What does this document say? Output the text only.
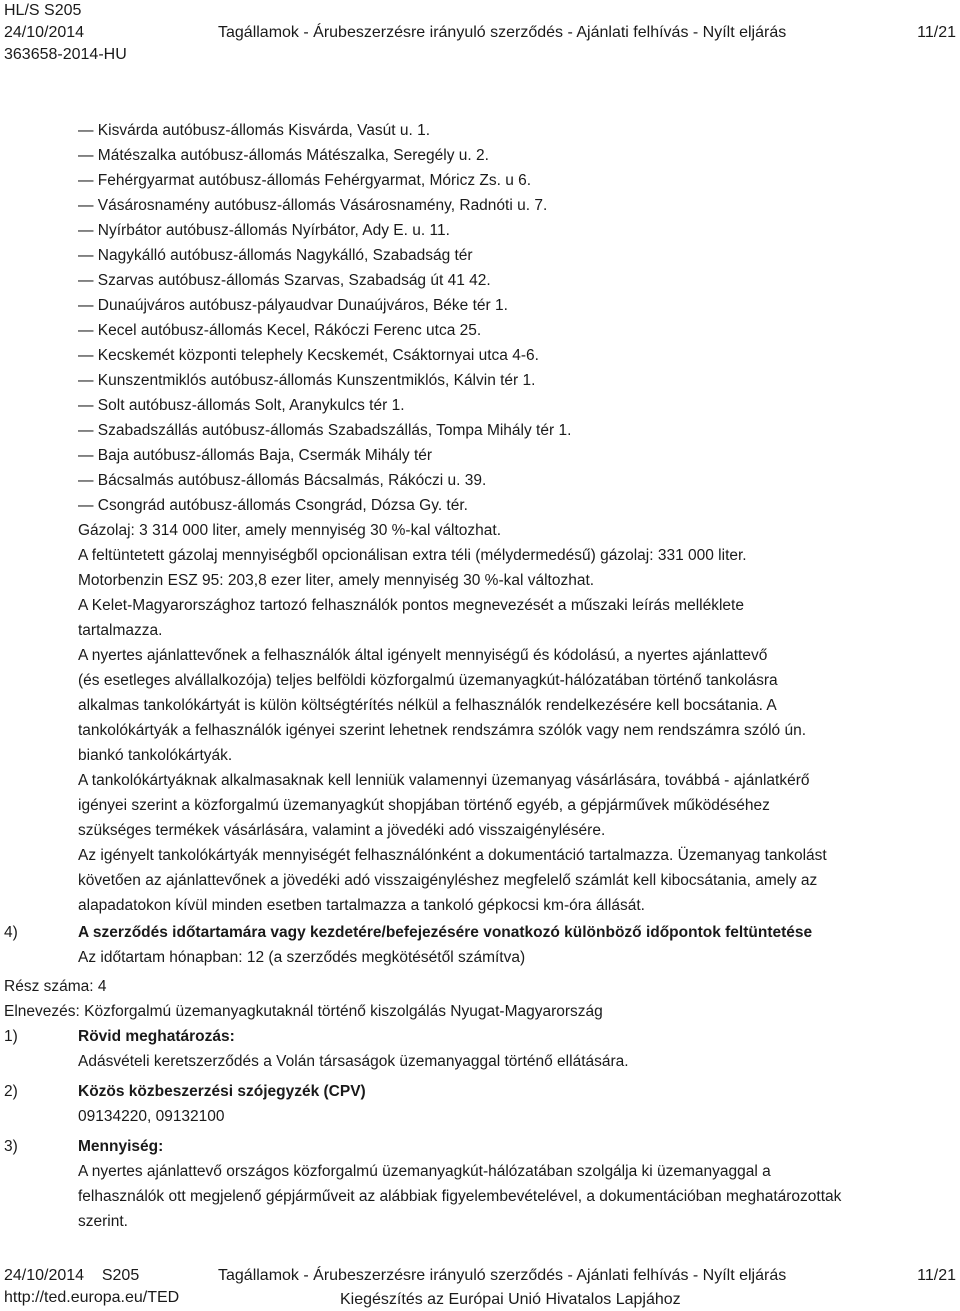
HL/S S205
24/10/2014
363658-2014-HU
Tagállamok - Árubeszerzésre irányuló szerződés - Ajánlati felhívás - Nyílt eljárás	11/21
— Kisvárda autóbusz-állomás Kisvárda, Vasút u. 1.
— Mátészalka autóbusz-állomás Mátészalka, Seregély u. 2.
— Fehérgyarmat autóbusz-állomás Fehérgyarmat, Móricz Zs. u 6.
— Vásárosnamény autóbusz-állomás Vásárosnamény, Radnóti u. 7.
— Nyírbátor autóbusz-állomás Nyírbátor, Ady E. u. 11.
— Nagykálló autóbusz-állomás Nagykálló, Szabadság tér
— Szarvas autóbusz-állomás Szarvas, Szabadság út 41 42.
— Dunaújváros autóbusz-pályaudvar Dunaújváros, Béke tér 1.
— Kecel autóbusz-állomás Kecel, Rákóczi Ferenc utca 25.
— Kecskemét központi telephely Kecskemét, Csáktornyai utca 4-6.
— Kunszentmiklós autóbusz-állomás Kunszentmiklós, Kálvin tér 1.
— Solt autóbusz-állomás Solt, Aranykulcs tér 1.
— Szabadszállás autóbusz-állomás Szabadszállás, Tompa Mihály tér 1.
— Baja autóbusz-állomás Baja, Csermák Mihály tér
— Bácsalmás autóbusz-állomás Bácsalmás, Rákóczi u. 39.
— Csongrád autóbusz-állomás Csongrád, Dózsa Gy. tér.
Gázolaj: 3 314 000 liter, amely mennyiség 30 %-kal változhat.
A feltüntetett gázolaj mennyiségből opcionálisan extra téli (mélydermedésű) gázolaj: 331 000 liter.
Motorbenzin ESZ 95: 203,8 ezer liter, amely mennyiség 30 %-kal változhat.
A Kelet-Magyarországhoz tartozó felhasználók pontos megnevezését a műszaki leírás melléklete
tartalmazza.
A nyertes ajánlattevőnek a felhasználók által igényelt mennyiségű és kódolású, a nyertes ajánlattevő
(és esetleges alvállalkozója) teljes belföldi közforgalmú üzemanyagkút-hálózatában történő tankolásra
alkalmas tankolókártyát is külön költségtérítés nélkül a felhasználók rendelkezésére kell bocsátania. A
tankolókártyák a felhasználók igényei szerint lehetnek rendszámra szólók vagy nem rendszámra szóló ún.
biankó tankolókártyák.
A tankolókártyáknak alkalmasaknak kell lenniük valamennyi üzemanyag vásárlására, továbbá - ajánlatkérő
igényei szerint a közforgalmú üzemanyagkút shopjában történő egyéb, a gépjárművek működéséhez
szükséges termékek vásárlására, valamint a jövedéki adó visszaigénylésére.
Az igényelt tankolókártyák mennyiségét felhasználónként a dokumentáció tartalmazza. Üzemanyag tankolást
követően az ajánlattevőnek a jövedéki adó visszaigényléshez megfelelő számlát kell kibocsátania, amely az
alapadatokon kívül minden esetben tartalmazza a tankoló gépkocsi km-óra állását.
4)	A szerződés időtartamára vagy kezdetére/befejezésére vonatkozó különböző időpontok feltüntetése
Az időtartam hónapban: 12 (a szerződés megkötésétől számítva)
Rész száma: 4
Elnevezés: Közforgalmú üzemanyagkutaknál történő kiszolgálás Nyugat-Magyarország
1)	Rövid meghatározás:
Adásvételi keretszerződés a Volán társaságok üzemanyaggal történő ellátására.
2)	Közös közbeszerzési szójegyzék (CPV)
09134220, 09132100
3)	Mennyiség:
A nyertes ajánlattevő országos közforgalmú üzemanyagkút-hálózatában szolgálja ki üzemanyaggal a
felhasználók ott megjelenő gépjárműveit az alábbiak figyelembevételével, a dokumentációban meghatározottak
szerint.
24/10/2014 S205
http://ted.europa.eu/TED
Tagállamok - Árubeszerzésre irányuló szerződés - Ajánlati felhívás - Nyílt eljárás	11/21
Kiegészítés az Európai Unió Hivatalos Lapjához
